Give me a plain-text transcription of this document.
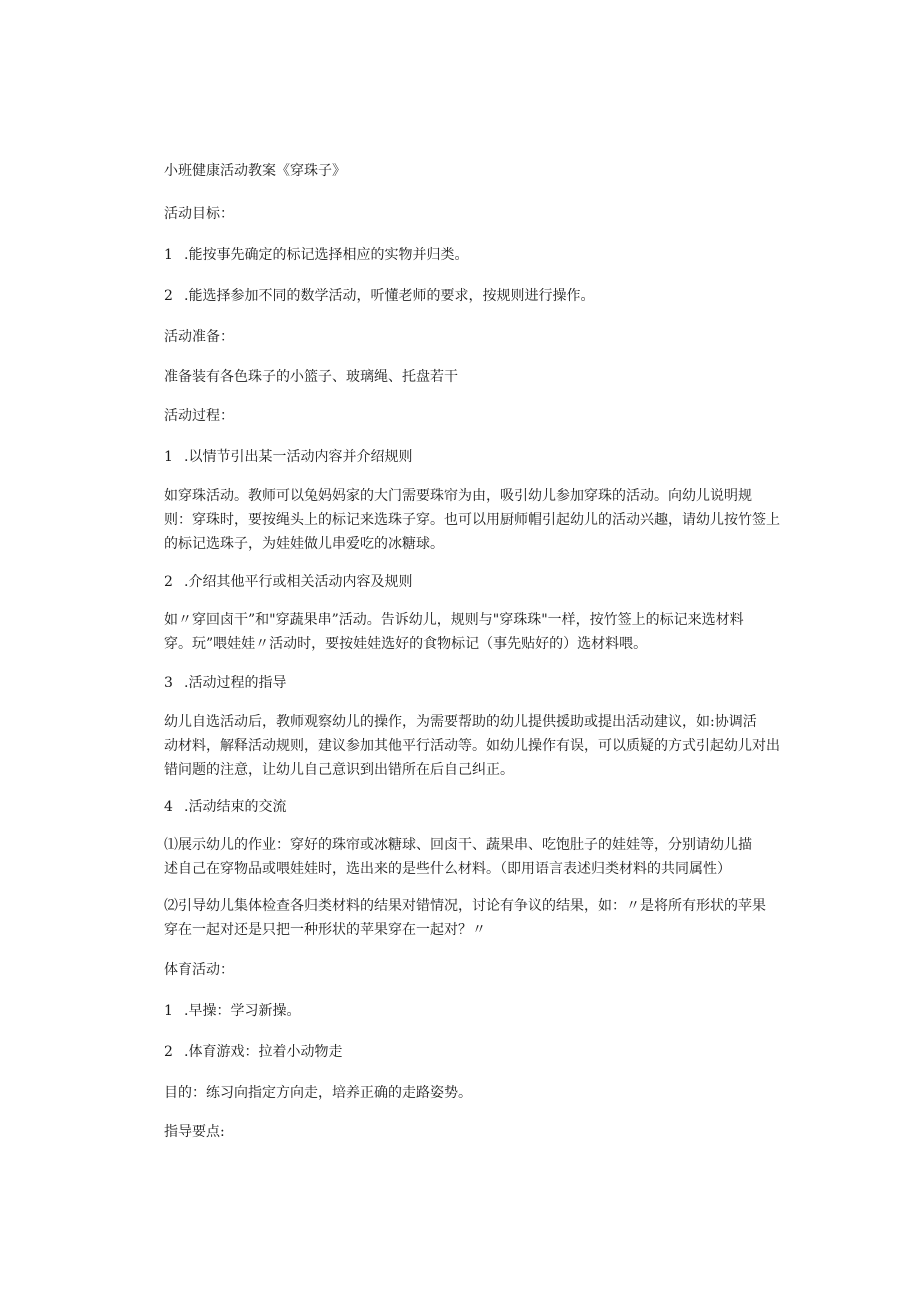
小班健康活动教案《穿珠子》
活动目标：
1 .能按事先确定的标记选择相应的实物并归类。
2 .能选择参加不同的数学活动，听懂老师的要求，按规则进行操作。
活动准备：
准备装有各色珠子的小篮子、玻璃绳、托盘若干
活动过程：
1 .以情节引出某一活动内容并介绍规则
如穿珠活动。教师可以兔妈妈家的大门需要珠帘为由，吸引幼儿参加穿珠的活动。向幼儿说明规
则：穿珠时，要按绳头上的标记来选珠子穿。也可以用厨师帽引起幼儿的活动兴趣，请幼儿按竹签上
的标记选珠子，为娃娃做儿串爱吃的冰糖球。
2 .介绍其他平行或相关活动内容及规则
如〃穿回卤干”和"穿蔬果串”活动。告诉幼儿，规则与"穿珠珠"一样，按竹签上的标记来选材料
穿。玩”喂娃娃〃活动时，要按娃娃选好的食物标记（事先贴好的）选材料喂。
3 .活动过程的指导
幼儿自选活动后，教师观察幼儿的操作，为需要帮助的幼儿提供援助或提出活动建议，如:协调活
动材料，解释活动规则，建议参加其他平行活动等。如幼儿操作有误，可以质疑的方式引起幼儿对出
错问题的注意，让幼儿自己意识到出错所在后自己纠正。
4 .活动结束的交流
⑴展示幼儿的作业：穿好的珠帘或冰糖球、回卤干、蔬果串、吃饱肚子的娃娃等，分别请幼儿描
述自己在穿物品或喂娃娃时，选出来的是些什么材料。（即用语言表述归类材料的共同属性）
⑵引导幼儿集体检查各归类材料的结果对错情况，讨论有争议的结果，如：〃是将所有形状的苹果
穿在一起对还是只把一种形状的苹果穿在一起对？〃
体育活动：
1 .早操：学习新操。
2 .体育游戏：拉着小动物走
目的：练习向指定方向走，培养正确的走路姿势。
指导要点:
